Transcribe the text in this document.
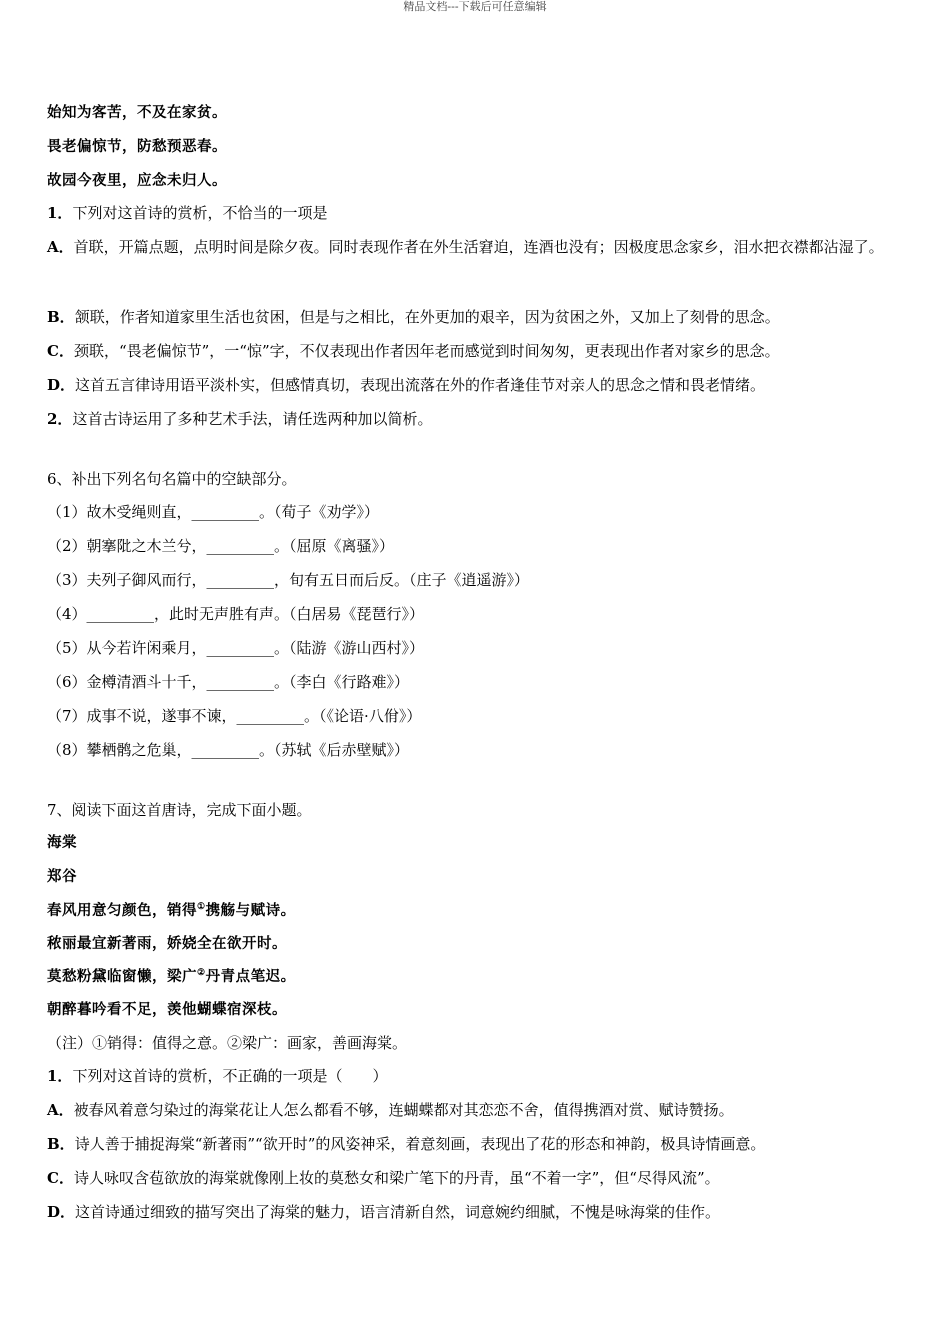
精品文档---下载后可任意编辑
始知为客苦，不及在家贫。
畏老偏惊节，防愁预恶春。
故园今夜里，应念未归人。
1．下列对这首诗的赏析，不恰当的一项是
A．首联，开篇点题，点明时间是除夕夜。同时表现作者在外生活窘迫，连酒也没有；因极度思念家乡，泪水把衣襟都沾湿了。
B．颔联，作者知道家里生活也贫困，但是与之相比，在外更加的艰辛，因为贫困之外，又加上了刻骨的思念。
C．颈联，“畏老偏惊节”，一“惊”字，不仅表现出作者因年老而感觉到时间匆匆，更表现出作者对家乡的思念。
D．这首五言律诗用语平淡朴实，但感情真切，表现出流落在外的作者逢佳节对亲人的思念之情和畏老情绪。
2．这首古诗运用了多种艺术手法，请任选两种加以简析。
6、补出下列名句名篇中的空缺部分。
（1）故木受绳则直，_________。（荀子《劝学》）
（2）朝搴阰之木兰兮，_________。（屈原《离骚》）
（3）夫列子御风而行，_________，旬有五日而后反。（庄子《逍遥游》）
（4）_________，此时无声胜有声。（白居易《琵琶行》）
（5）从今若许闲乘月，_________。（陆游《游山西村》）
（6）金樽清酒斗十千，_________。（李白《行路难》）
（7）成事不说，遂事不谏，_________。（《论语·八佾》）
（8）攀栖鹘之危巢，_________。（苏轼《后赤壁赋》）
7、阅读下面这首唐诗，完成下面小题。
海棠
郑谷
春风用意匀颜色，销得①携觞与赋诗。
秾丽最宜新著雨，娇娆全在欲开时。
莫愁粉黛临窗懒，梁广②丹青点笔迟。
朝醉暮吟看不足，羡他蝴蝶宿深枝。
（注）①销得：值得之意。②梁广：画家，善画海棠。
1．下列对这首诗的赏析，不正确的一项是（　　）
A．被春风着意匀染过的海棠花让人怎么都看不够，连蝴蝶都对其恋恋不舍，值得携酒对赏、赋诗赞扬。
B．诗人善于捕捉海棠“新著雨”“欲开时”的风姿神采，着意刻画，表现出了花的形态和神韵，极具诗情画意。
C．诗人咏叹含苞欲放的海棠就像刚上妆的莫愁女和梁广笔下的丹青，虽“不着一字”，但“尽得风流”。
D．这首诗通过细致的描写突出了海棠的魅力，语言清新自然，词意婉约细腻，不愧是咏海棠的佳作。
